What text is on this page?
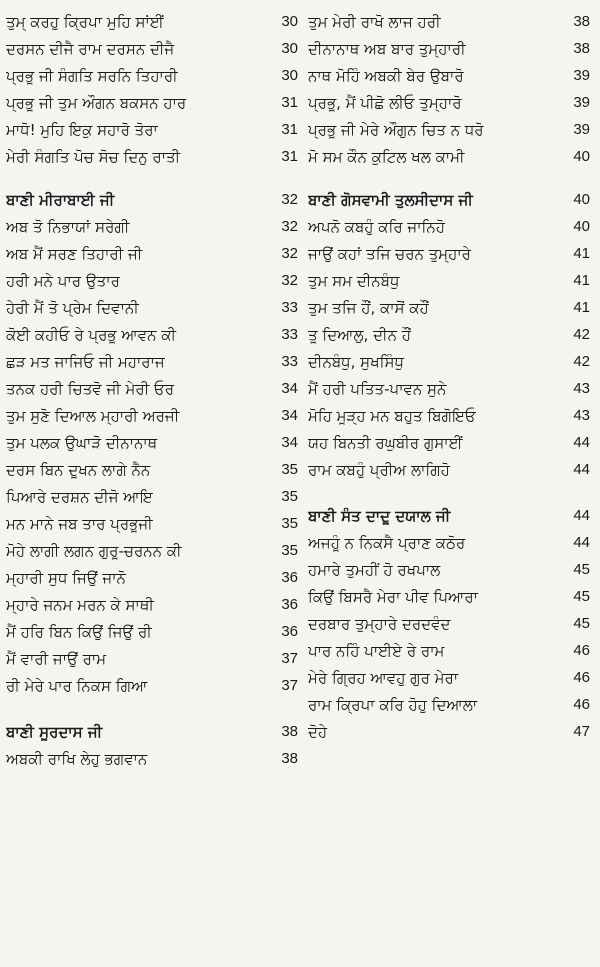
ਤੁਮ੍ ਕਰਹੁ ਕ੍ਰਿਪਾ ਮੁਹਿ ਸਾਂਈਂ	30
ਦਰਸਨ ਦੀਜੈ ਰਾਮ ਦਰਸਨ ਦੀਜੈ	30
ਪ੍ਰਭੂ ਜੀ ਸੰਗਤਿ ਸਰਨਿ ਤਿਹਾਰੀ	30
ਪ੍ਰਭੂ ਜੀ ਤੁਮ ਔਗਨ ਬਕਸਨ ਹਾਰ	31
ਮਾਧੋ! ਮੁਹਿ ਇਕੁ ਸਹਾਰੋ ਤੋਰਾ	31
ਮੇਰੀ ਸੰਗਤਿ ਪੋਚ ਸੋਚ ਦਿਨੁ ਰਾਤੀ	31
ਬਾਣੀ ਮੀਰਾਬਾਈ ਜੀ	32
ਅਬ ਤੋ ਨਿਭਾਯਾਂ ਸਰੇਗੀ	32
ਅਬ ਮੈਂ ਸਰਣ ਤਿਹਾਰੀ ਜੀ	32
ਹਰੀ ਮਨੇ ਪਾਰ ਉਤਾਰ	32
ਹੇਰੀ ਮੈਂ ਤੋ ਪ੍ਰੇਮ ਦਿਵਾਨੀ	33
ਕੋਈ ਕਹੀਓ ਰੇ ਪ੍ਰਭੂ ਆਵਨ ਕੀ	33
ਛੜ ਮਤ ਜਾਜਿਓ ਜੀ ਮਹਾਰਾਜ	33
ਤਨਕ ਹਰੀ ਚਿਤਵੋ ਜੀ ਮੇਰੀ ਓਰ	34
ਤੁਮ ਸੁਣੋ ਦਿਆਲ ਮ੍ਹਾਰੀ ਅਰਜੀ	34
ਤੁਮ ਪਲਕ ਉਘਾੜੋ ਦੀਨਾਨਾਥ	34
ਦਰਸ ਬਿਨ ਦੂਖਨ ਲਾਗੇ ਨੈਨ	35
ਪਿਆਰੇ ਦਰਸ਼ਨ ਦੀਜੋ ਆਇ	35
ਮਨ ਮਾਨੇ ਜਬ ਤਾਰ ਪ੍ਰਭੂਜੀ	35
ਮੋਹੇ ਲਾਗੀ ਲਗਨ ਗੁਰੂ-ਚਰਨਨ ਕੀ	35
ਮ੍ਹਾਰੀ ਸੁਧ ਜਿਉਂ ਜਾਨੋ	36
ਮ੍ਹਾਰੇ ਜਨਮ ਮਰਨ ਕੇ ਸਾਥੀ	36
ਮੈਂ ਹਰਿ ਬਿਨ ਕਿਉਂ ਜਿਉਂ ਰੀ	36
ਮੈਂ ਵਾਰੀ ਜਾਉਂ ਰਾਮ	37
ਰੀ ਮੇਰੇ ਪਾਰ ਨਿਕਸ ਗਿਆ	37
ਬਾਣੀ ਸੂਰਦਾਸ ਜੀ	38
ਅਬਕੀ ਰਾਖਿ ਲੇਹੁ ਭਗਵਾਨ	38
ਤੁਮ ਮੇਰੀ ਰਾਖੋ ਲਾਜ ਹਰੀ	38
ਦੀਨਾਨਾਥ ਅਬ ਬਾਰ ਤੁਮ੍ਹਾਰੀ	38
ਨਾਥ ਮੋਹਿੰ ਅਬਕੀ ਬੇਰ ਉਬਾਰੋ	39
ਪ੍ਰਭੂ, ਮੈਂ ਪੀਛੋ ਲੀਓ ਤੁਮ੍ਹਾਰੋ	39
ਪ੍ਰਭੂ ਜੀ ਮੇਰੇ ਔਗੁਨ ਚਿਤ ਨ ਧਰੋ	39
ਮੋ ਸਮ ਕੌਨ ਕੁਟਿਲ ਖਲ ਕਾਮੀ	40
ਬਾਣੀ ਗੋਸਵਾਮੀ ਤੁਲਸੀਦਾਸ ਜੀ	40
ਅਪਨੋ ਕਬਹੁੰ ਕਰਿ ਜਾਨਿਹੋ	40
ਜਾਉਂ ਕਹਾਂ ਤਜਿ ਚਰਨ ਤੁਮ੍ਹਾਰੇ	41
ਤੁਮ ਸਮ ਦੀਨਬੰਧੁ	41
ਤੁਮ ਤਜਿ ਹੌਂ, ਕਾਸੋਂ ਕਹੌਂ	41
ਤੂ ਦਿਆਲੁ, ਦੀਨ ਹੌਂ	42
ਦੀਨਬੰਧੁ, ਸੁਖਸਿੰਧੁ	42
ਮੈਂ ਹਰੀ ਪਤਿਤ-ਪਾਵਨ ਸੁਨੇ	43
ਮੋਹਿ ਮੂੜ੍ਹ ਮਨ ਬਹੁਤ ਬਿਗੋਇਓ	43
ਯਹ ਬਿਨਤੀ ਰਘੁਬੀਰ ਗੁਸਾਈਂ	44
ਰਾਮ ਕਬਹੁੰ ਪ੍ਰੀਅ ਲਾਗਿਹੋ	44
ਬਾਣੀ ਸੰਤ ਦਾਦੂ ਦਯਾਲ ਜੀ	44
ਅਜਹੂੰ ਨ ਨਿਕਸੈ ਪ੍ਰਾਣ ਕਠੋਰ	44
ਹਮਾਰੇ ਤੁਮਹੀਂ ਹੋ ਰਖਪਾਲ	45
ਕਿਉਂ ਬਿਸਰੈ ਮੇਰਾ ਪੀਵ ਪਿਆਰਾ	45
ਦਰਬਾਰ ਤੁਮ੍ਹਾਰੇ ਦਰਦਵੰਦ	45
ਪਾਰ ਨਹਿੰ ਪਾਈਏ ਰੇ ਰਾਮ	46
ਮੇਰੇ ਗ੍ਰਿਹ ਆਵਹੁ ਗੁਰ ਮੇਰਾ	46
ਰਾਮ ਕ੍ਰਿਪਾ ਕਰਿ ਹੋਹੁ ਦਿਆਲਾ	46
ਦੋਹੇ	47
